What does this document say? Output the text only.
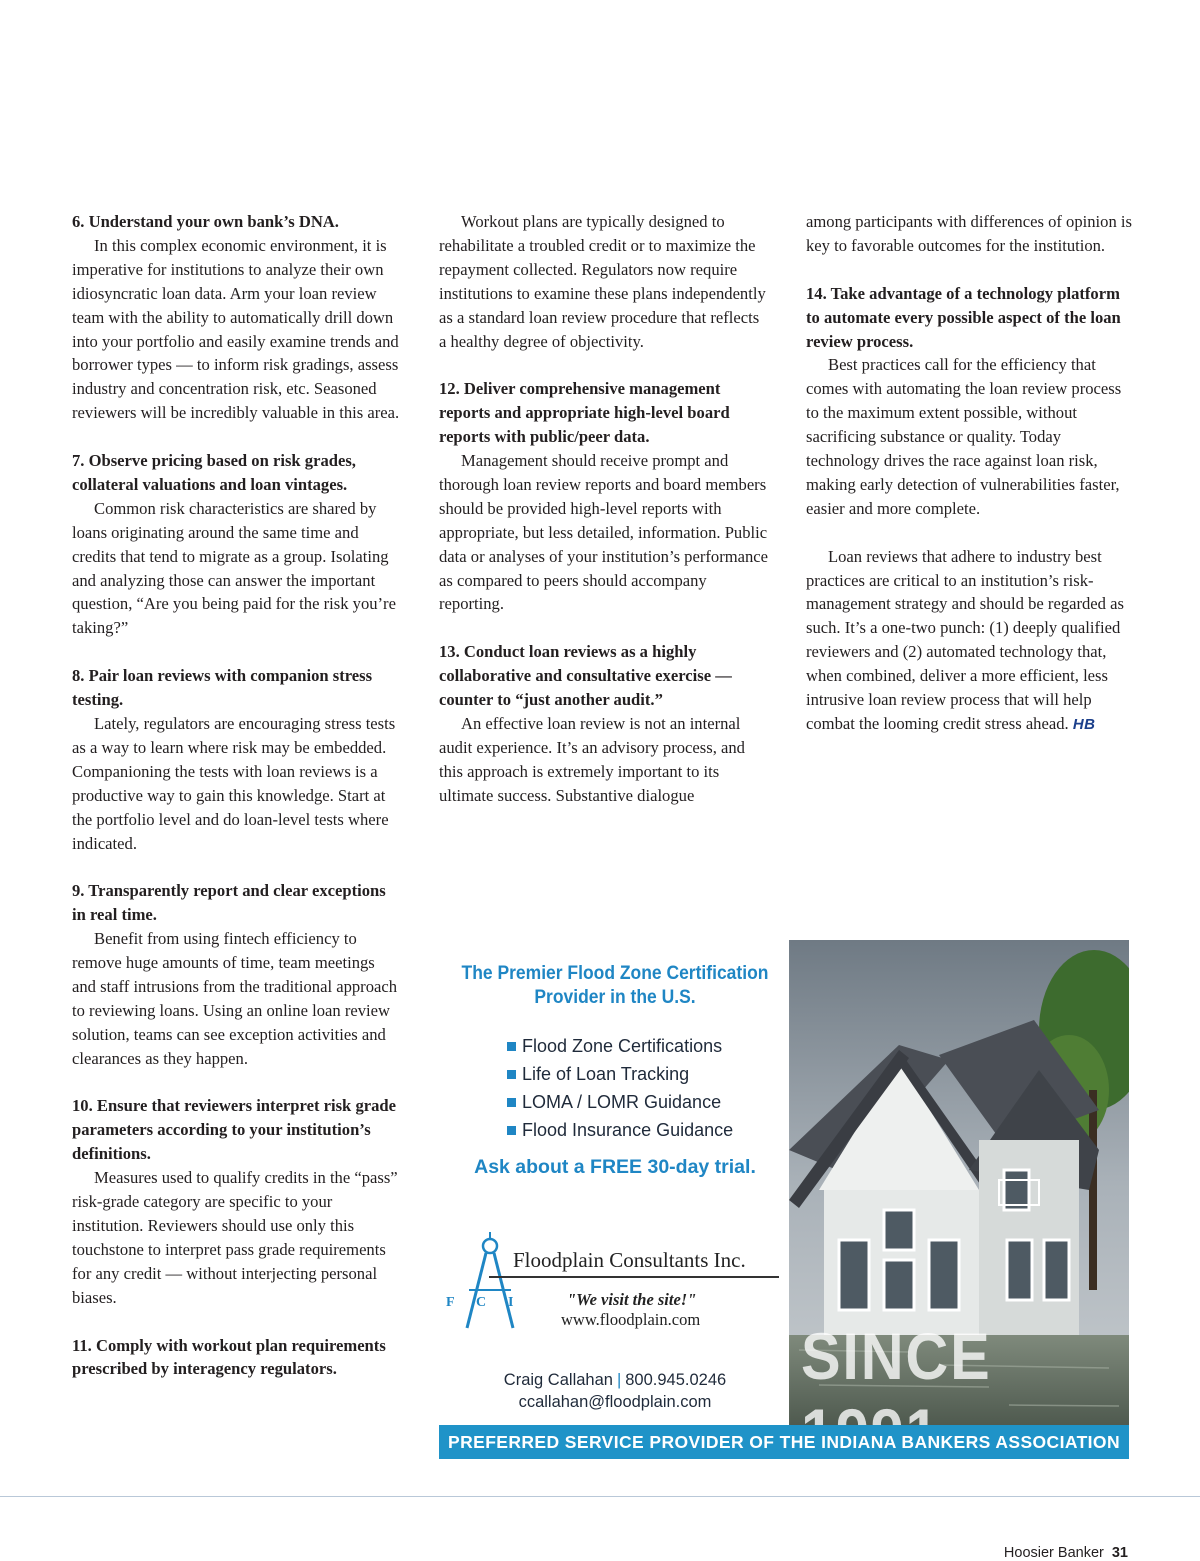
6. Understand your own bank’s DNA.

In this complex economic environment, it is imperative for institutions to analyze their own idiosyncratic loan data. Arm your loan review team with the ability to automatically drill down into your portfolio and easily examine trends and borrower types — to inform risk gradings, assess industry and concentration risk, etc. Seasoned reviewers will be incredibly valuable in this area.

7. Observe pricing based on risk grades, collateral valuations and loan vintages.

Common risk characteristics are shared by loans originating around the same time and credits that tend to migrate as a group. Isolating and analyzing those can answer the important question, “Are you being paid for the risk you’re taking?”

8. Pair loan reviews with companion stress testing.

Lately, regulators are encouraging stress tests as a way to learn where risk may be embedded. Companioning the tests with loan reviews is a productive way to gain this knowledge. Start at the portfolio level and do loan-level tests where indicated.

9. Transparently report and clear exceptions in real time.

Benefit from using fintech efficiency to remove huge amounts of time, team meetings and staff intrusions from the traditional approach to reviewing loans. Using an online loan review solution, teams can see exception activities and clearances as they happen.

10. Ensure that reviewers interpret risk grade parameters according to your institution’s definitions.

Measures used to qualify credits in the “pass” risk-grade category are specific to your institution. Reviewers should use only this touchstone to interpret pass grade requirements for any credit — without interjecting personal biases.

11. Comply with workout plan requirements prescribed by interagency regulators.

Workout plans are typically designed to rehabilitate a troubled credit or to maximize the repayment collected. Regulators now require institutions to examine these plans independently as a standard loan review procedure that reflects a healthy degree of objectivity.

12. Deliver comprehensive management reports and appropriate high-level board reports with public/peer data.

Management should receive prompt and thorough loan review reports and board members should be provided high-level reports with appropriate, but less detailed, information. Public data or analyses of your institution’s performance as compared to peers should accompany reporting.

13. Conduct loan reviews as a highly collaborative and consultative exercise — counter to “just another audit.”

An effective loan review is not an internal audit experience. It’s an advisory process, and this approach is extremely important to its ultimate success. Substantive dialogue

among participants with differences of opinion is key to favorable outcomes for the institution.

14. Take advantage of a technology platform to automate every possible aspect of the loan review process.

Best practices call for the efficiency that comes with automating the loan review process to the maximum extent possible, without sacrificing substance or quality. Today technology drives the race against loan risk, making early detection of vulnerabilities faster, easier and more complete.

Loan reviews that adhere to industry best practices are critical to an institution’s risk-management strategy and should be regarded as such. It’s a one-two punch: (1) deeply qualified reviewers and (2) automated technology that, when combined, deliver a more efficient, less intrusive loan review process that will help combat the looming credit stress ahead. HB

The Premier Flood Zone Certification
Provider in the U.S.
Flood Zone Certifications
Life of Loan Tracking
LOMA / LOMR Guidance
Flood Insurance Guidance
Ask about a FREE 30-day trial.
F C I
Floodplain Consultants Inc.
"We visit the site!"
www.floodplain.com
Craig Callahan | 800.945.0246
ccallahan@floodplain.com
SINCE
PREFERRED SERVICE PROVIDER OF THE INDIANA BANKERS ASSOCIATION
Hoosier Banker 31
